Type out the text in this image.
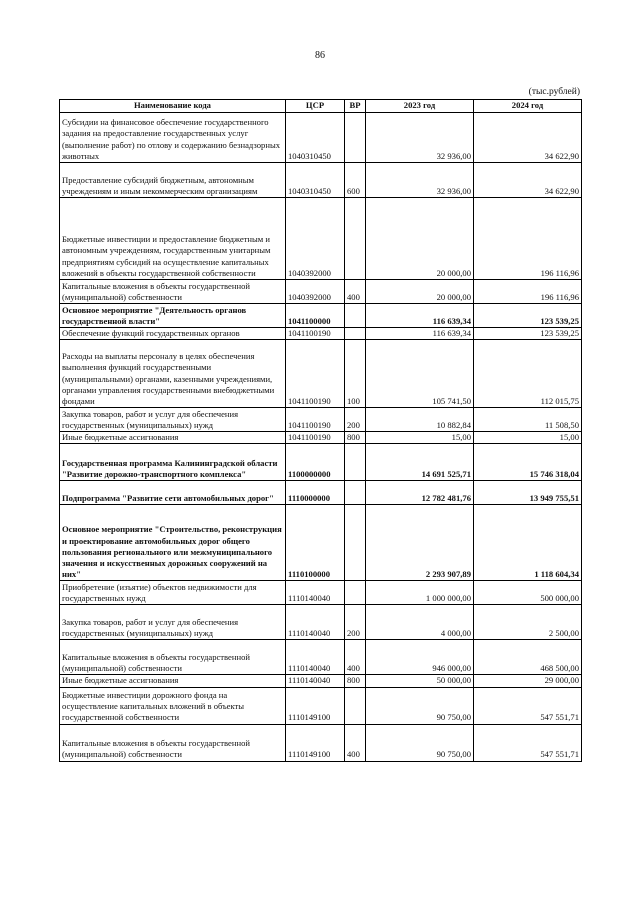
86
(тыс.рублей)
Наименование кода	ЦСР	ВР	2023 год	2024 год
Субсидии на финансовое обеспечение государственного задания на предоставление государственных услуг (выполнение работ) по отлову и содержанию безнадзорных животных	1040310450		32 936,00	34 622,90
Предоставление субсидий бюджетным, автономным учреждениям и иным некоммерческим организациям	1040310450	600	32 936,00	34 622,90
Бюджетные инвестиции и предоставление бюджетным и автономным учреждениям, государственным унитарным предприятиям субсидий на осуществление капитальных вложений в объекты государственной собственности	1040392000		20 000,00	196 116,96
Капитальные вложения в объекты государственной (муниципальной) собственности	1040392000	400	20 000,00	196 116,96
Основное мероприятие "Деятельность органов государственной власти"	1041100000		116 639,34	123 539,25
Обеспечение функций государственных органов	1041100190		116 639,34	123 539,25
Расходы на выплаты персоналу в целях обеспечения выполнения функций государственными (муниципальными) органами, казенными учреждениями, органами управления государственными внебюджетными фондами	1041100190	100	105 741,50	112 015,75
Закупка товаров, работ и услуг для обеспечения государственных (муниципальных) нужд	1041100190	200	10 882,84	11 508,50
Иные бюджетные ассигнования	1041100190	800	15,00	15,00
Государственная программа Калининградской области "Развитие дорожно-транспортного комплекса"	1100000000		14 691 525,71	15 746 318,04
Подпрограмма "Развитие сети автомобильных дорог"	1110000000		12 782 481,76	13 949 755,51
Основное мероприятие "Строительство, реконструкция и проектирование автомобильных дорог общего пользования регионального или межмуниципального значения и искусственных дорожных сооружений на них"	1110100000		2 293 907,89	1 118 604,34
Приобретение (изъятие) объектов недвижимости для государственных нужд	1110140040		1 000 000,00	500 000,00
Закупка товаров, работ и услуг для обеспечения государственных (муниципальных) нужд	1110140040	200	4 000,00	2 500,00
Капитальные вложения в объекты государственной (муниципальной) собственности	1110140040	400	946 000,00	468 500,00
Иные бюджетные ассигнования	1110140040	800	50 000,00	29 000,00
Бюджетные инвестиции дорожного фонда на осуществление капитальных вложений в объекты государственной собственности	1110149100		90 750,00	547 551,71
Капитальные вложения в объекты государственной (муниципальной) собственности	1110149100	400	90 750,00	547 551,71
